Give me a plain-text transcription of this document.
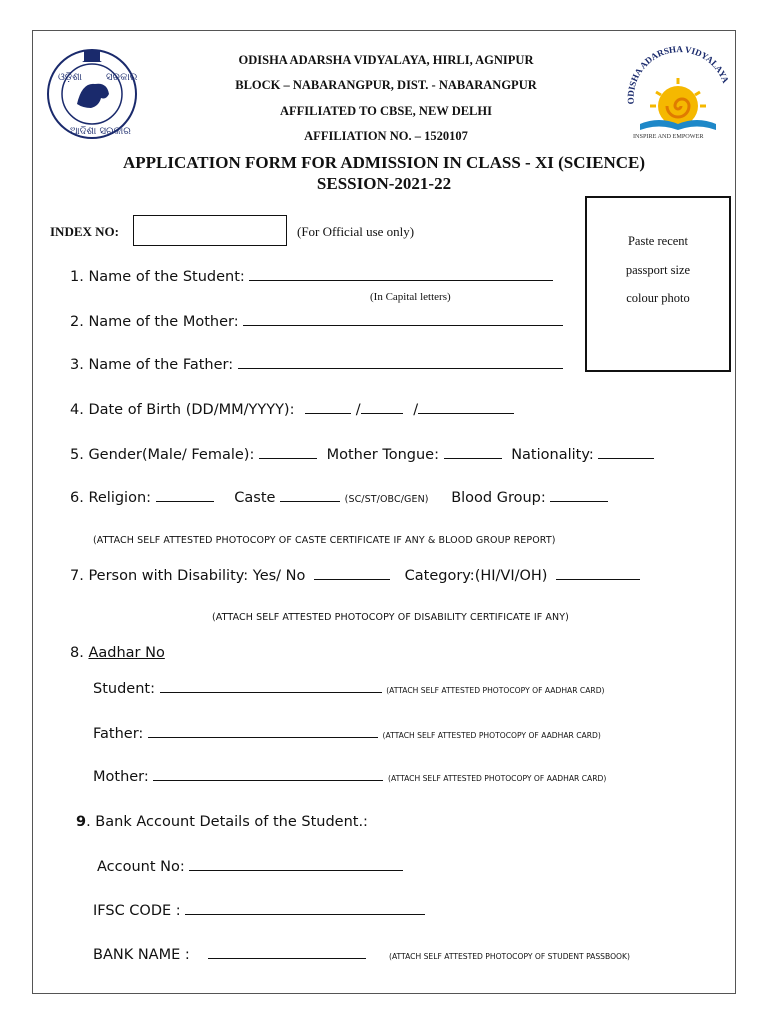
ଓଡ଼ିଶା ସରକାର
ଆଦିଶା ସରକାର
ODISHA ADARSHA VIDYALAYA
INSPIRE AND EMPOWER
ODISHA ADARSHA VIDYALAYA, HIRLI, AGNIPUR
BLOCK – NABARANGPUR, DIST. - NABARANGPUR
AFFILIATED TO CBSE, NEW DELHI
AFFILIATION NO. – 1520107
APPLICATION FORM FOR ADMISSION IN CLASS - XI (SCIENCE)
SESSION-2021-22
INDEX NO:	(For Official use only)
Paste recent
passport size
colour photo
1. Name of the Student:
(In Capital letters)
2. Name of the Mother:
3. Name of the Father:
4. Date of Birth (DD/MM/YYYY):	/	/
5. Gender(Male/ Female):	Mother Tongue:	Nationality:
6. Religion:	Caste	(SC/ST/OBC/GEN) Blood Group:
(ATTACH SELF ATTESTED PHOTOCOPY OF CASTE CERTIFICATE IF ANY & BLOOD GROUP REPORT)
7. Person with Disability: Yes/ No	Category:(HI/VI/OH)
(ATTACH SELF ATTESTED PHOTOCOPY OF DISABILITY CERTIFICATE IF ANY)
8. Aadhar No
Student:	(ATTACH SELF ATTESTED PHOTOCOPY OF AADHAR CARD)
Father:	(ATTACH SELF ATTESTED PHOTOCOPY OF AADHAR CARD)
Mother:	(ATTACH SELF ATTESTED PHOTOCOPY OF AADHAR CARD)
9. Bank Account Details of the Student.:
Account No:
IFSC CODE :
BANK NAME :	(ATTACH SELF ATTESTED PHOTOCOPY OF STUDENT PASSBOOK)
